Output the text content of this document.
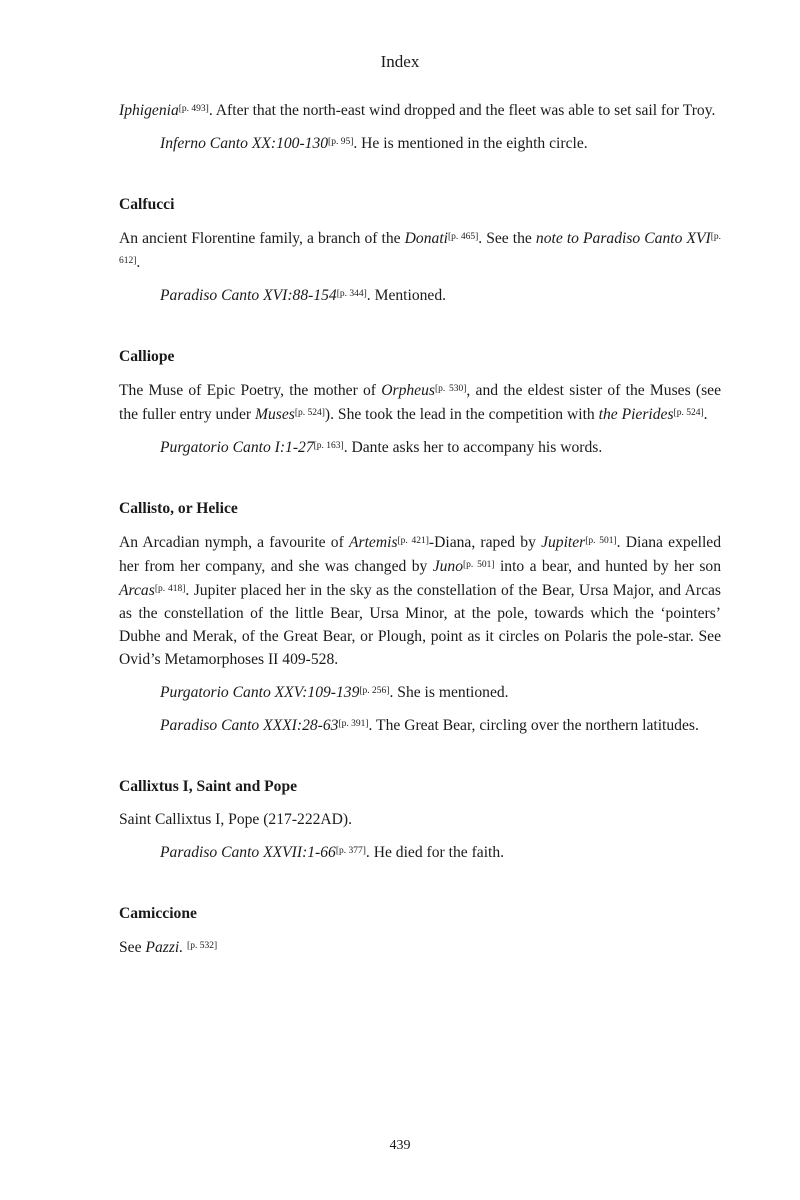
Index

Iphigenia[p. 493]. After that the north-east wind dropped and the fleet was able to set sail for Troy.

Inferno Canto XX:100-130[p. 95]. He is mentioned in the eighth circle.

Calfucci

An ancient Florentine family, a branch of the Donati[p. 465]. See the note to Paradiso Canto XVI[p. 612].

Paradiso Canto XVI:88-154[p. 344]. Mentioned.

Calliope

The Muse of Epic Poetry, the mother of Orpheus[p. 530], and the eldest sister of the Muses (see the fuller entry under Muses[p. 524]). She took the lead in the competition with the Pierides[p. 524].

Purgatorio Canto I:1-27[p. 163]. Dante asks her to accompany his words.

Callisto, or Helice

An Arcadian nymph, a favourite of Artemis[p. 421]-Diana, raped by Jupiter[p. 501]. Diana expelled her from her company, and she was changed by Juno[p. 501] into a bear, and hunted by her son Arcas[p. 418]. Jupiter placed her in the sky as the constellation of the Bear, Ursa Major, and Arcas as the constellation of the little Bear, Ursa Minor, at the pole, towards which the ‘pointers’ Dubhe and Merak, of the Great Bear, or Plough, point as it circles on Polaris the pole-star. See Ovid’s Metamorphoses II 409-528.

Purgatorio Canto XXV:109-139[p. 256]. She is mentioned.

Paradiso Canto XXXI:28-63[p. 391]. The Great Bear, circling over the northern latitudes.

Callixtus I, Saint and Pope

Saint Callixtus I, Pope (217-222AD).

Paradiso Canto XXVII:1-66[p. 377]. He died for the faith.

Camiccione

See Pazzi. [p. 532]

439
